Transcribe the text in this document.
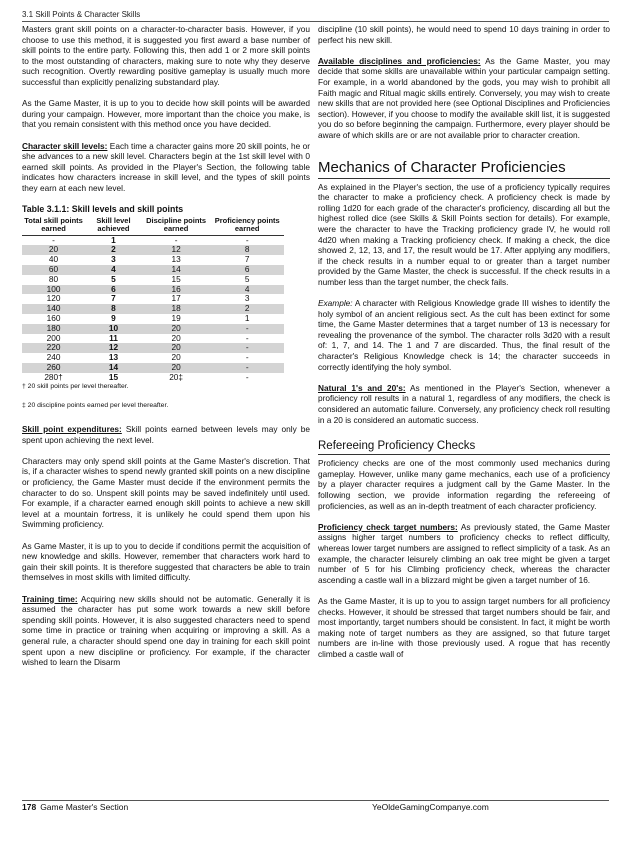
3.1 Skill Points & Character Skills

Masters grant skill points on a character-to-character basis. However, if you choose to use this method, it is suggested you first award a base number of skill points to the entire party. Following this, then add 1 or 2 more skill points to the most outstanding of characters, making sure to note why they deserve such recognition. Overtly rewarding positive gameplay is usually much more successful than explicitly penalizing substandard play.

As the Game Master, it is up to you to decide how skill points will be awarded during your campaign. However, more important than the choice you make, is that you remain consistent with this method once you have decided.

Character skill levels: Each time a character gains more 20 skill points, he or she advances to a new skill level. Characters begin at the 1st skill level with 0 earned skill points. As provided in the Player's Section, the following table indicates how characters increase in skill level, and the types of skill points they earn at each new level.

Table 3.1.1: Skill levels and skill points
Total skill points earned	Skill level achieved	Discipline points earned	Proficiency points earned
-	1	-	-
20	2	12	8
40	3	13	7
60	4	14	6
80	5	15	5
100	6	16	4
120	7	17	3
140	8	18	2
160	9	19	1
180	10	20	-
200	11	20	-
220	12	20	-
240	13	20	-
260	14	20	-
280†	15	20‡	-

† 20 skill points per level thereafter.

‡ 20 discipline points earned per level thereafter.

Skill point expenditures: Skill points earned between levels may only be spent upon achieving the next level.

Characters may only spend skill points at the Game Master's discretion. That is, if a character wishes to spend newly granted skill points on a new discipline or proficiency, the Game Master must decide if the environment permits the character to do so. Unspent skill points may be saved indefinitely until used. For example, if a character earned enough skill points to achieve a new skill level at a mountain fortress, it is unlikely he could spend them upon his Swimming proficiency.

As Game Master, it is up to you to decide if conditions permit the acquisition of new knowledge and skills. However, remember that characters work hard to gain their skill points. It is therefore suggested that characters be able to train themselves in most skills with limited difficulty.

Training time: Acquiring new skills should not be automatic. Generally it is assumed the character has put some work towards a new skill before spending skill points. However, it is also suggested characters need to spend some time in practice or training when acquiring or improving a skill. As a general rule, a character should spend one day in training for each skill point spent upon a new discipline or proficiency. For example, if the character wished to learn the Disarm

discipline (10 skill points), he would need to spend 10 days training in order to perfect his new skill.

Available disciplines and proficiencies: As the Game Master, you may decide that some skills are unavailable within your particular campaign setting. For example, in a world abandoned by the gods, you may wish to prohibit all Faith magic and Ritual magic skills entirely. Conversely, you may wish to create new skills that are not provided here (see Optional Disciplines and Proficiencies section). However, if you choose to modify the available skill list, it is suggested you do so before beginning the campaign. Furthermore, every player should be aware of which skills are or are not available prior to character creation.

Mechanics of Character Proficiencies

As explained in the Player's section, the use of a proficiency typically requires the character to make a proficiency check. A proficiency check is made by rolling 1d20 for each grade of the character's proficiency, discarding all but the highest rolled dice (see Skills & Skill Points section for details). For example, were the character to have the Tracking proficiency grade IV, he would roll 4d20 when making a Tracking proficiency check. If making a check, the dice showed 2, 12, 13, and 17, the result would be 17. After applying any modifiers, if the check results in a number equal to or greater than a target number provided by the Game Master, the check is successful. If the check results in a number less than the target number, the check fails.

Example: A character with Religious Knowledge grade III wishes to identify the holy symbol of an ancient religious sect. As the cult has been extinct for some time, the Game Master determines that a target number of 13 is necessary for revealing the provenance of the symbol. The character rolls 3d20 with a result of: 1, 7, and 14. The 1 and 7 are discarded. Thus, the final result of the character's Religious Knowledge check is 14; the character succeeds in correctly identifying the holy symbol.

Natural 1's and 20's: As mentioned in the Player's Section, whenever a proficiency roll results in a natural 1, regardless of any modifiers, the check is considered an automatic failure. Conversely, any proficiency check roll resulting in a 20 is considered an automatic success.

Refereeing Proficiency Checks

Proficiency checks are one of the most commonly used mechanics during gameplay. However, unlike many game mechanics, each use of a proficiency by a player character requires a judgment call by the Game Master. In the following section, we provide information regarding the refereeing of proficiencies, as well as an in-depth treatment of each character proficiency.

Proficiency check target numbers: As previously stated, the Game Master assigns higher target numbers to proficiency checks to reflect difficulty, whereas lower target numbers are assigned to reflect simplicity of a task. As an example, the character leisurely climbing an oak tree might be given a target number of 5 for his Climbing proficiency check, whereas the character ascending a castle wall in a blizzard might be given a target number of 16.

As the Game Master, it is up to you to assign target numbers for all proficiency checks. However, it should be stressed that target numbers should be fair, and most importantly, target numbers should be consistent. In fact, it might be worth making note of target numbers as they are assigned, so that future target numbers are in-line with those previously used. A rogue that has recently climbed a castle wall of

178 Game Master's Section	YeOldeGamingCompanye.com
